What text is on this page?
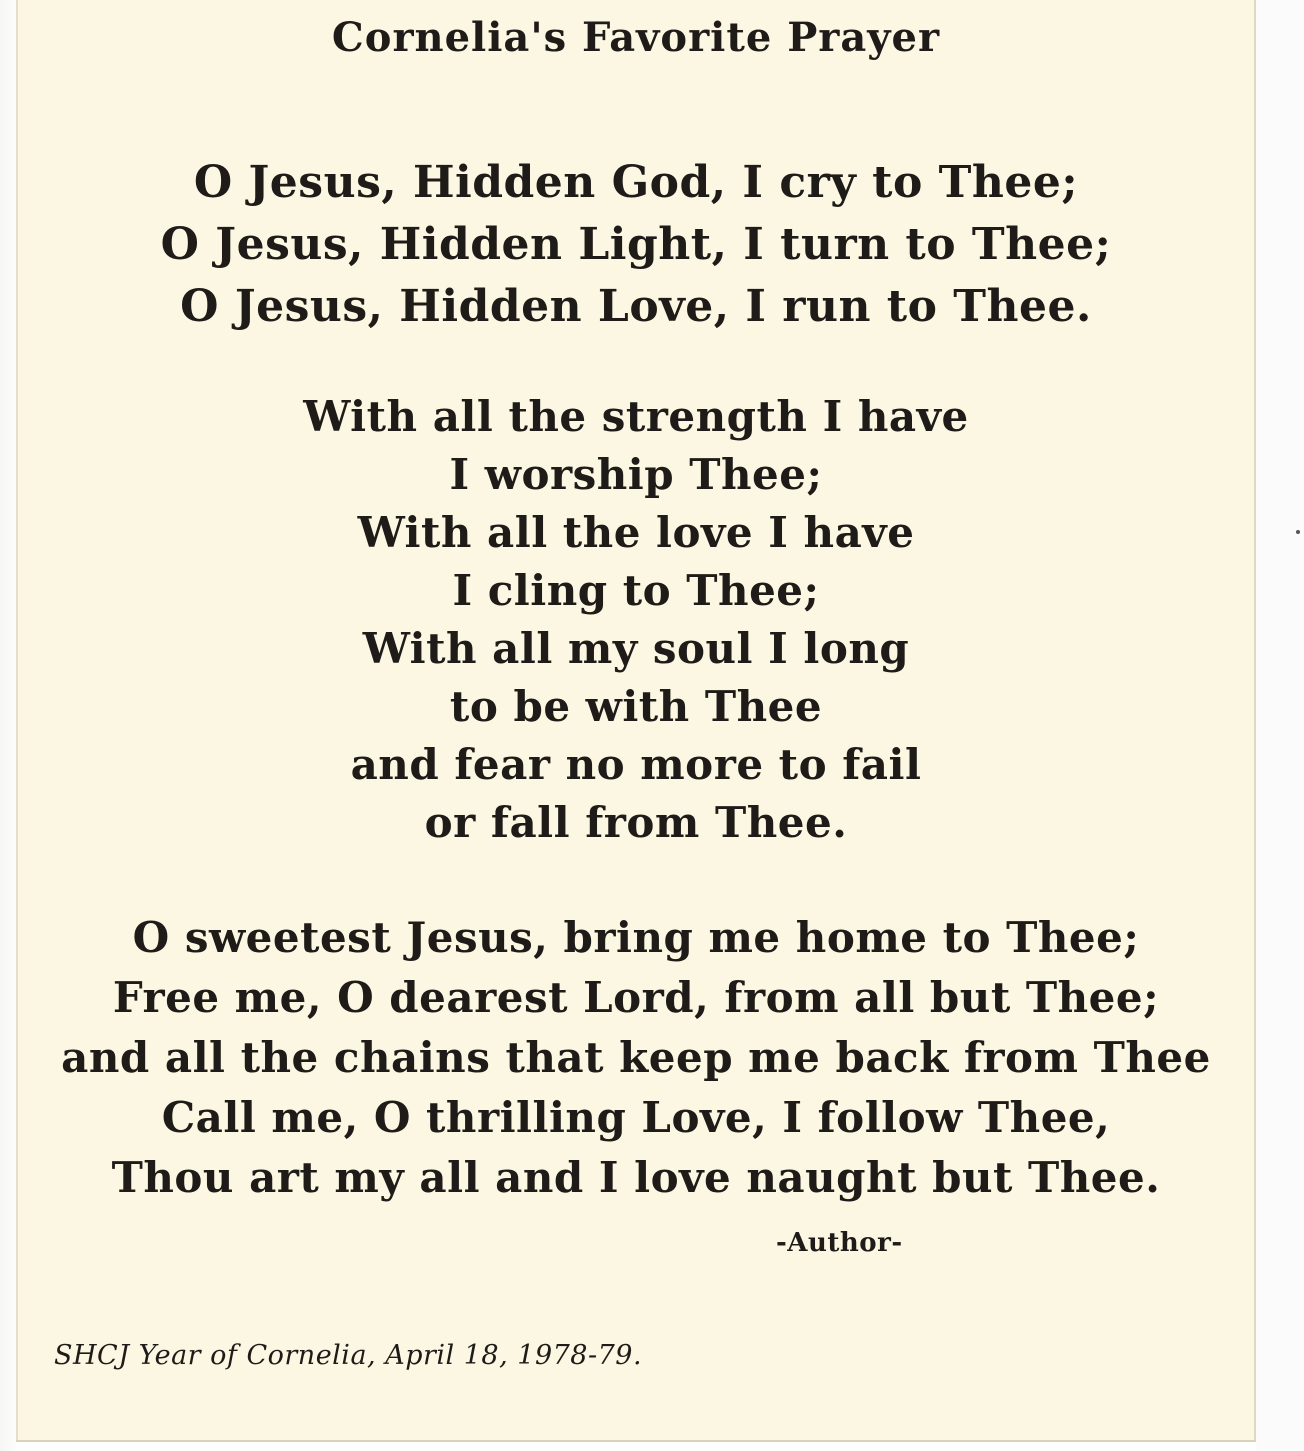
Cornelia's Favorite Prayer
O Jesus, Hidden God, I cry to Thee;
O Jesus, Hidden Light, I turn to Thee;
O Jesus, Hidden Love, I run to Thee.
With all the strength I have
I worship Thee;
With all the love I have
I cling to Thee;
With all my soul I long
to be with Thee
and fear no more to fail
or fall from Thee.
O sweetest Jesus, bring me home to Thee;
Free me, O dearest Lord, from all but Thee;
and all the chains that keep me back from Thee
Call me, O thrilling Love, I follow Thee,
Thou art my all and I love naught but Thee.
-Author-
SHCJ Year of Cornelia, April 18, 1978-79.
